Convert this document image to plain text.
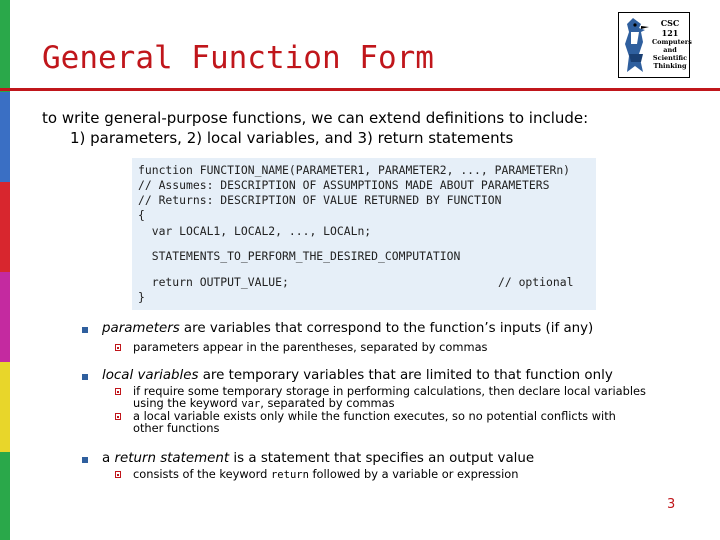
General Function Form
CSC 121
Computers
and
Scientific
Thinking
to write general-purpose functions, we can extend definitions to include:
1) parameters, 2) local variables, and 3) return statements
function FUNCTION_NAME(PARAMETER1, PARAMETER2, ..., PARAMETERn)
// Assumes: DESCRIPTION OF ASSUMPTIONS MADE ABOUT PARAMETERS
// Returns: DESCRIPTION OF VALUE RETURNED BY FUNCTION
{
var LOCAL1, LOCAL2, ..., LOCALn;
STATEMENTS_TO_PERFORM_THE_DESIRED_COMPUTATION
return OUTPUT_VALUE;	// optional
}
parameters are variables that correspond to the function’s inputs (if any)
parameters appear in the parentheses, separated by commas
local variables are temporary variables that are limited to that function only
if require some temporary storage in performing calculations, then declare local variables
using the keyword var, separated by commas
a local variable exists only while the function executes, so no potential conflicts with
other functions
a return statement is a statement that specifies an output value
consists of the keyword return followed by a variable or expression
3
